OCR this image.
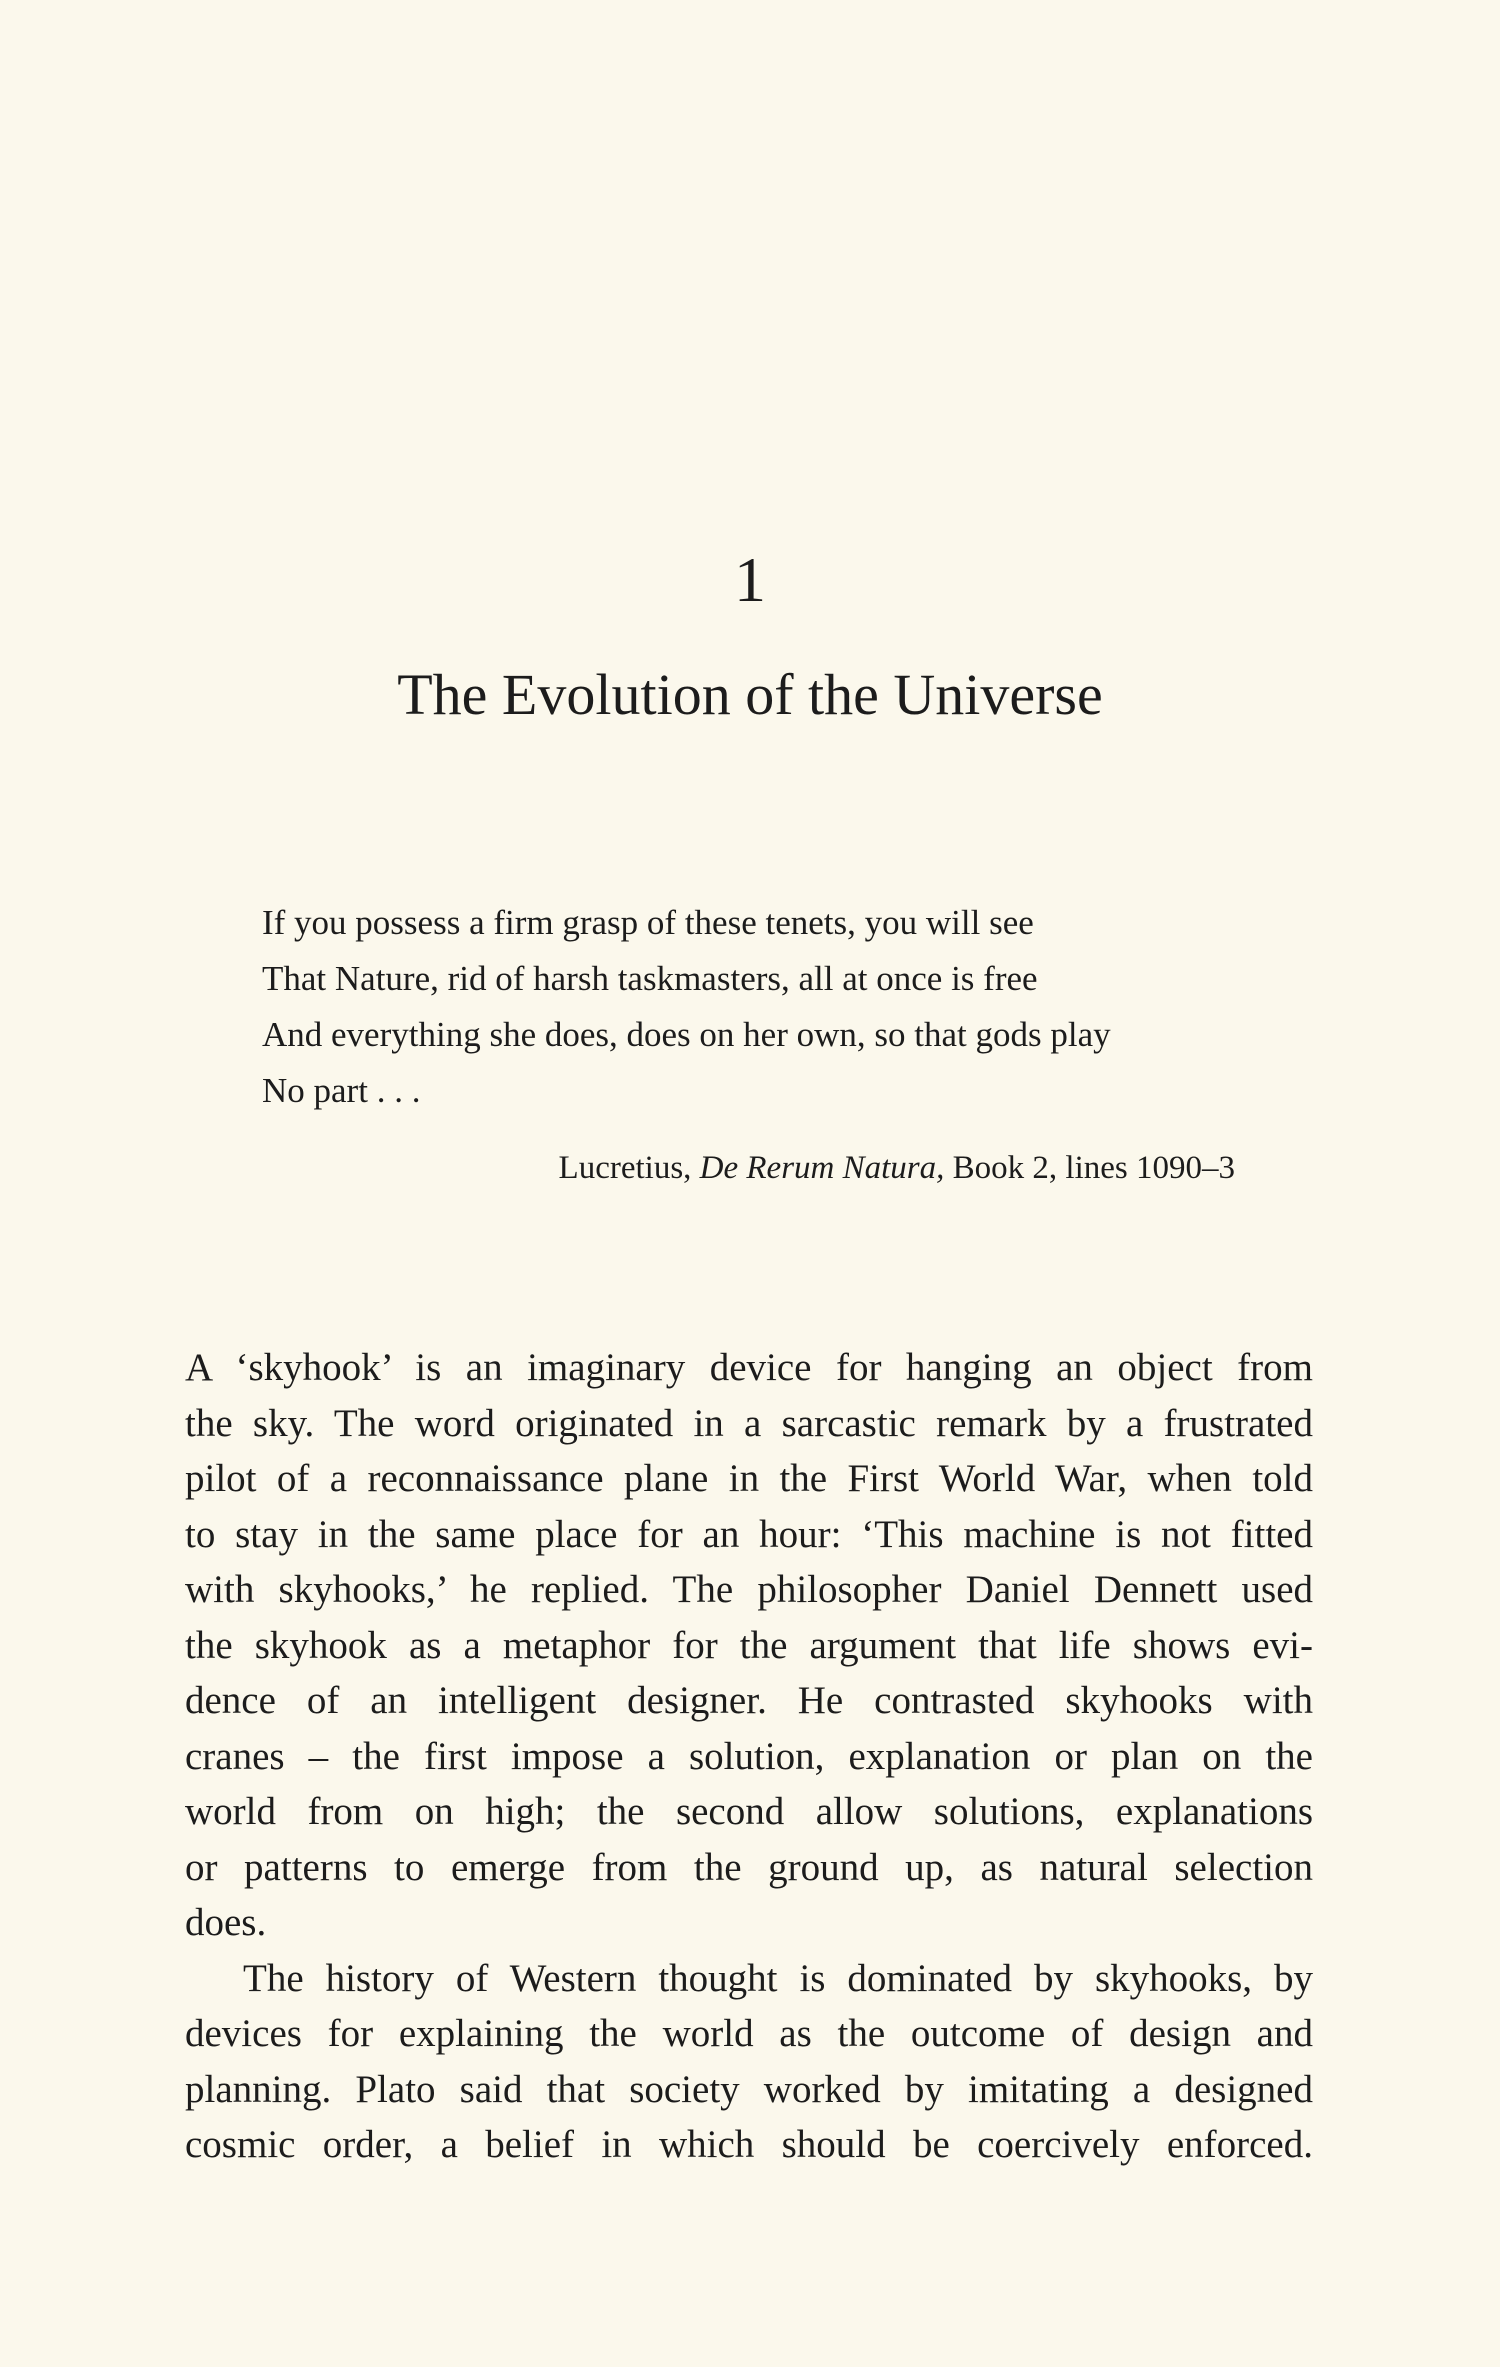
1
The Evolution of the Universe
If you possess a firm grasp of these tenets, you will see
That Nature, rid of harsh taskmasters, all at once is free
And everything she does, does on her own, so that gods play
No part . . .
Lucretius, De Rerum Natura, Book 2, lines 1090–3
A ‘skyhook’ is an imaginary device for hanging an object from
the sky. The word originated in a sarcastic remark by a frustrated
pilot of a reconnaissance plane in the First World War, when told
to stay in the same place for an hour: ‘This machine is not fitted
with skyhooks,’ he replied. The philosopher Daniel Dennett used
the skyhook as a metaphor for the argument that life shows evi-
dence of an intelligent designer. He contrasted skyhooks with
cranes – the first impose a solution, explanation or plan on the
world from on high; the second allow solutions, explanations
or patterns to emerge from the ground up, as natural selection
does.
The history of Western thought is dominated by skyhooks, by
devices for explaining the world as the outcome of design and
planning. Plato said that society worked by imitating a designed
cosmic order, a belief in which should be coercively enforced.
